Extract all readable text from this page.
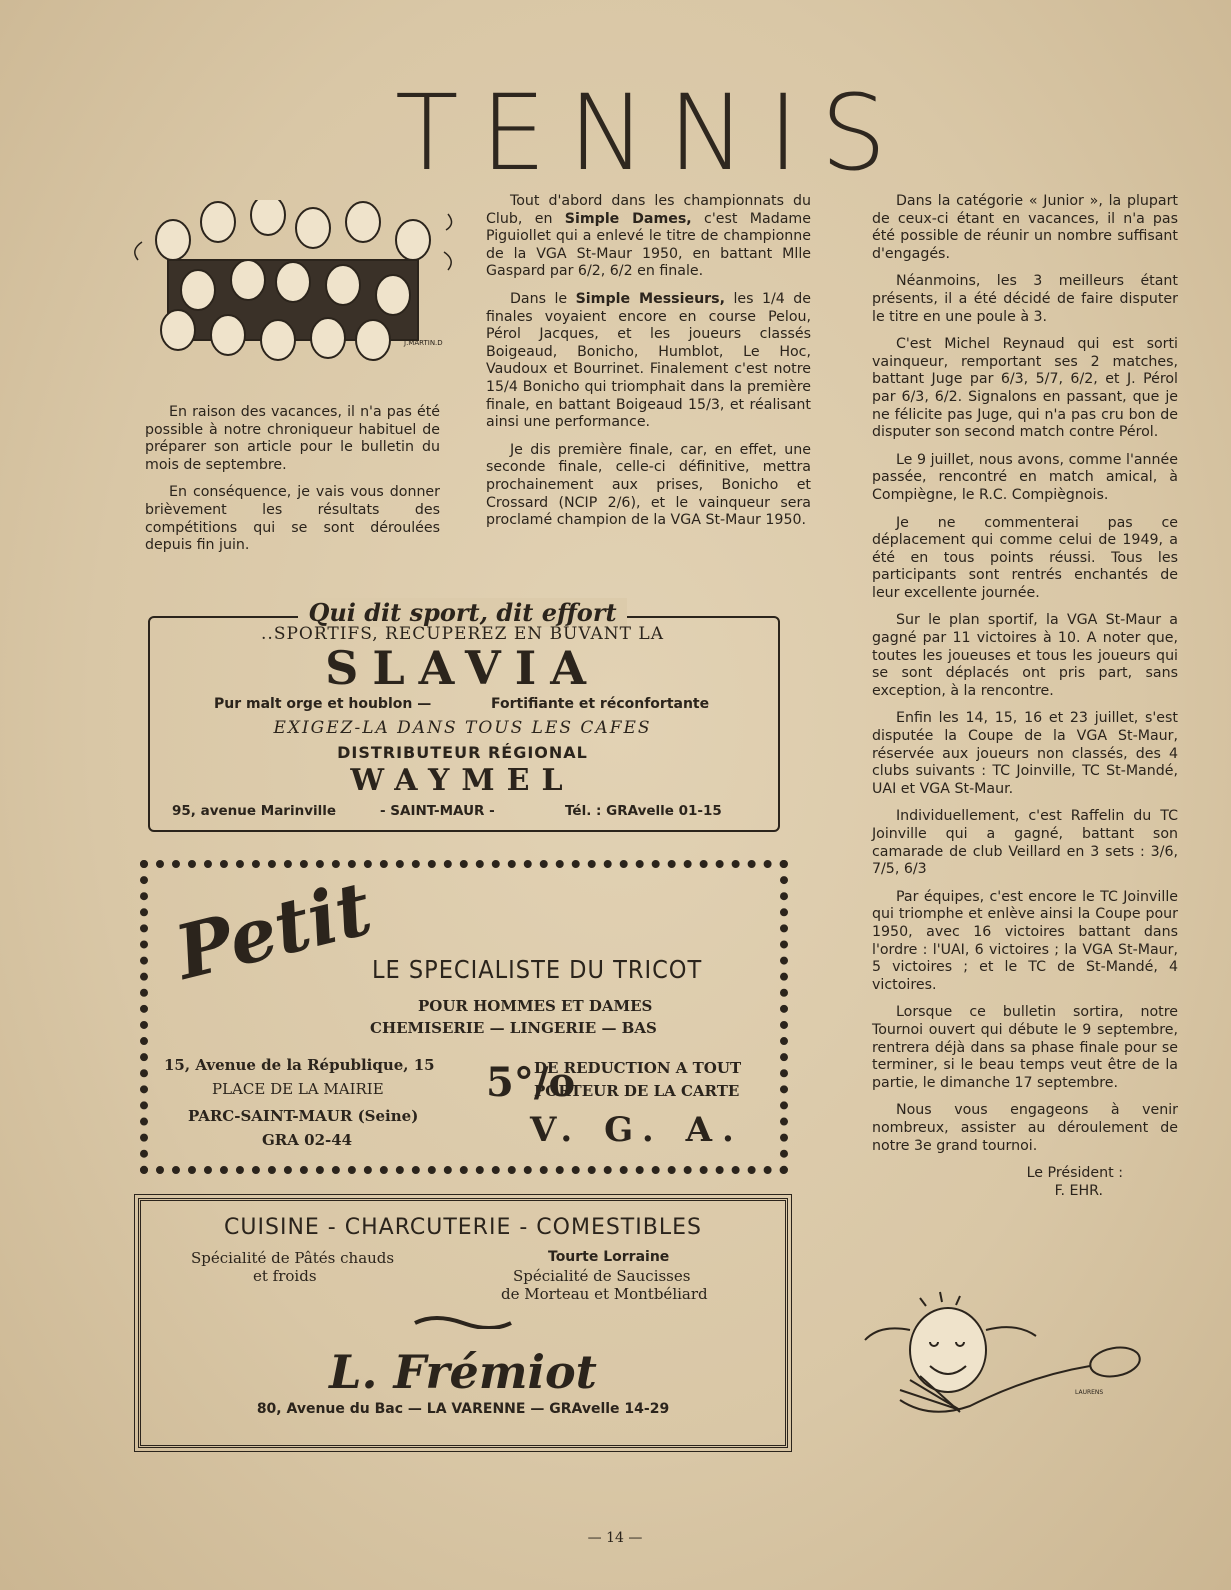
TENNIS
J.MARTIN.D

En raison des vacances, il n'a pas été possible à notre chroniqueur habituel de préparer son article pour le bulletin du mois de septembre.

En conséquence, je vais vous donner brièvement les résultats des compétitions qui se sont déroulées depuis fin juin.

Tout d'abord dans les championnats du Club, en Simple Dames, c'est Madame Piguiollet qui a enlevé le titre de championne de la VGA St-Maur 1950, en battant Mlle Gaspard par 6/2, 6/2 en finale.

Dans le Simple Messieurs, les 1/4 de finales voyaient encore en course Pelou, Pérol Jacques, et les joueurs classés Boigeaud, Bonicho, Humblot, Le Hoc, Vaudoux et Bourrinet. Finalement c'est notre 15/4 Bonicho qui triomphait dans la première finale, en battant Boigeaud 15/3, et réalisant ainsi une performance.

Je dis première finale, car, en effet, une seconde finale, celle-ci définitive, mettra prochainement aux prises, Bonicho et Crossard (NCIP 2/6), et le vainqueur sera proclamé champion de la VGA St-Maur 1950.

Dans la catégorie « Junior », la plupart de ceux-ci étant en vacances, il n'a pas été possible de réunir un nombre suffisant d'engagés.

Néanmoins, les 3 meilleurs étant présents, il a été décidé de faire disputer le titre en une poule à 3.

C'est Michel Reynaud qui est sorti vainqueur, remportant ses 2 matches, battant Juge par 6/3, 5/7, 6/2, et J. Pérol par 6/3, 6/2. Signalons en passant, que je ne félicite pas Juge, qui n'a pas cru bon de disputer son second match contre Pérol.

Le 9 juillet, nous avons, comme l'année passée, rencontré en match amical, à Compiègne, le R.C. Compiègnois.

Je ne commenterai pas ce déplacement qui comme celui de 1949, a été en tous points réussi. Tous les participants sont rentrés enchantés de leur excellente journée.

Sur le plan sportif, la VGA St-Maur a gagné par 11 victoires à 10. A noter que, toutes les joueuses et tous les joueurs qui se sont déplacés ont pris part, sans exception, à la rencontre.

Enfin les 14, 15, 16 et 23 juillet, s'est disputée la Coupe de la VGA St-Maur, réservée aux joueurs non classés, des 4 clubs suivants : TC Joinville, TC St-Mandé, UAI et VGA St-Maur.

Individuellement, c'est Raffelin du TC Joinville qui a gagné, battant son camarade de club Veillard en 3 sets : 3/6, 7/5, 6/3

Par équipes, c'est encore le TC Joinville qui triomphe et enlève ainsi la Coupe pour 1950, avec 16 victoires battant dans l'ordre : l'UAI, 6 victoires ; la VGA St-Maur, 5 victoires ; et le TC de St-Mandé, 4 victoires.

Lorsque ce bulletin sortira, notre Tournoi ouvert qui débute le 9 septembre, rentrera déjà dans sa phase finale pour se terminer, si le beau temps veut être de la partie, le dimanche 17 septembre.

Nous vous engageons à venir nombreux, assister au déroulement de notre 3e grand tournoi.

Le Président :
F. EHR.
LAURENS
Qui dit sport, dit effort
..SPORTIFS, RECUPEREZ EN BUVANT LA
SLAVIA
Pur malt orge et houblon —	Fortifiante et réconfortante
EXIGEZ-LA DANS TOUS LES CAFES
DISTRIBUTEUR RÉGIONAL
WAYMEL
95, avenue Marinville	- SAINT-MAUR -	Tél. : GRAvelle 01-15
Petit
LE SPECIALISTE DU TRICOT
POUR HOMMES ET DAMES
CHEMISERIE — LINGERIE — BAS
15, Avenue de la République, 15
PLACE DE LA MAIRIE
PARC-SAINT-MAUR (Seine)
GRA 02-44
5°/o
DE REDUCTION A TOUT
PORTEUR DE LA CARTE
V. G. A.
CUISINE - CHARCUTERIE - COMESTIBLES
Spécialité de Pâtés chauds
et froids
Tourte Lorraine
Spécialité de Saucisses
de Morteau et Montbéliard
L. Frémiot
80, Avenue du Bac — LA VARENNE — GRAvelle 14-29
— 14 —
